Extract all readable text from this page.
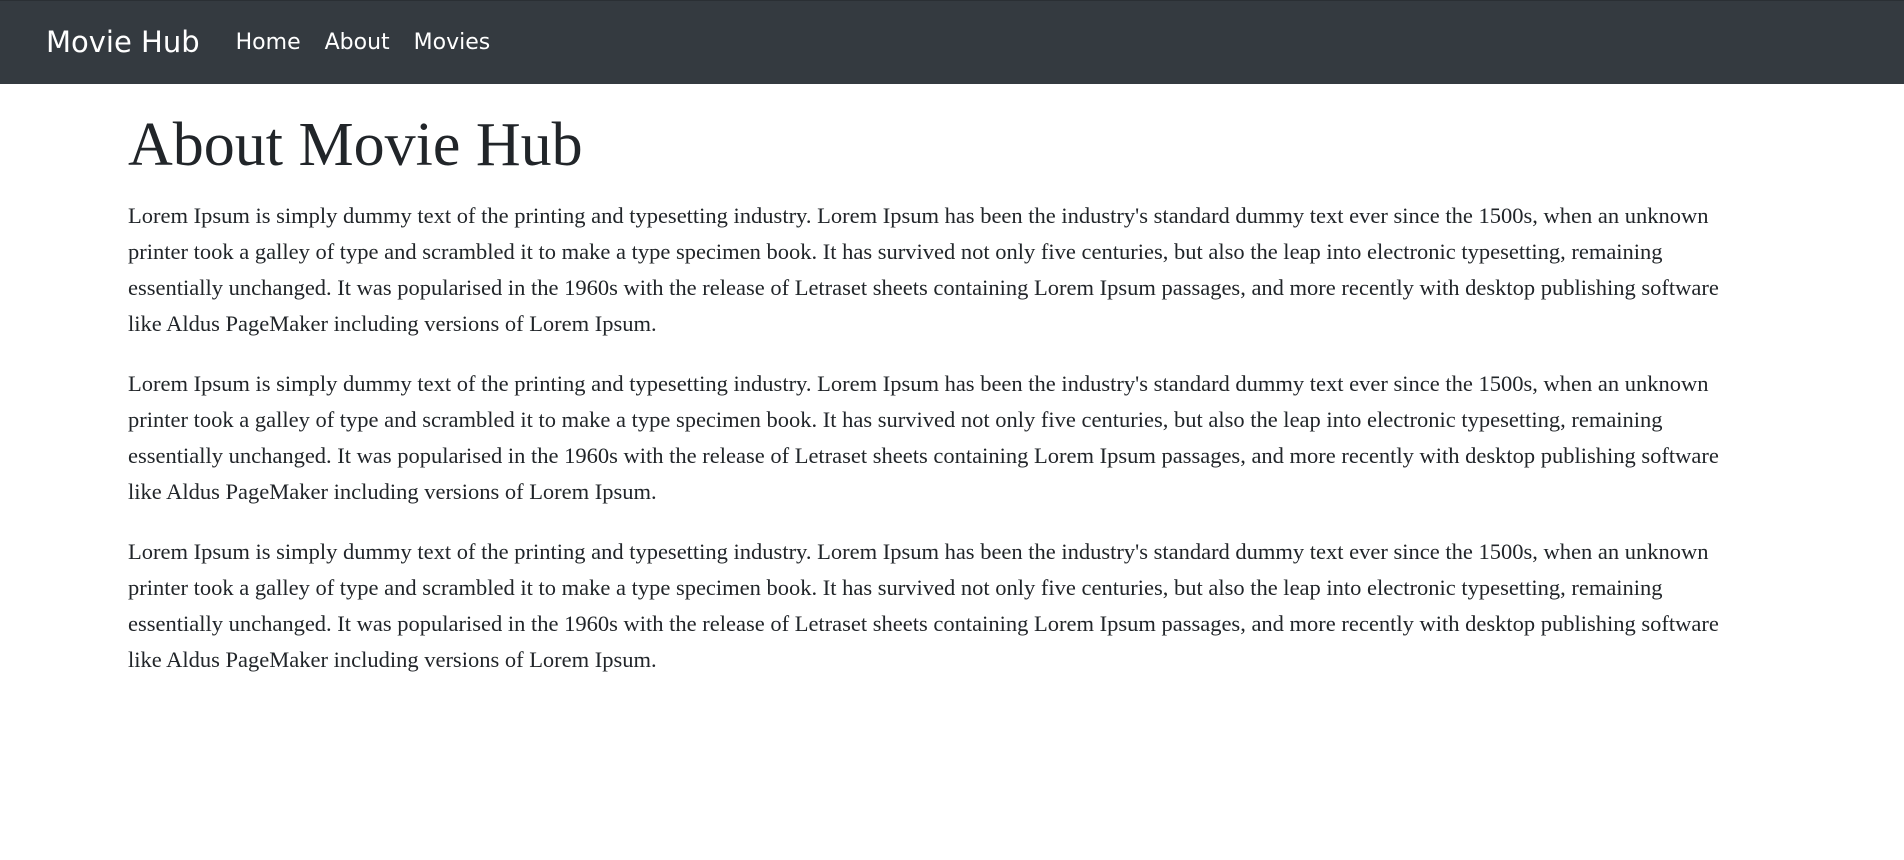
Movie Hub Home About Movies
About Movie Hub

Lorem Ipsum is simply dummy text of the printing and typesetting industry. Lorem Ipsum has been the industry's standard dummy text ever since the 1500s, when an unknown printer took a galley of type and scrambled it to make a type specimen book. It has survived not only five centuries, but also the leap into electronic typesetting, remaining essentially unchanged. It was popularised in the 1960s with the release of Letraset sheets containing Lorem Ipsum passages, and more recently with desktop publishing software like Aldus PageMaker including versions of Lorem Ipsum.

Lorem Ipsum is simply dummy text of the printing and typesetting industry. Lorem Ipsum has been the industry's standard dummy text ever since the 1500s, when an unknown printer took a galley of type and scrambled it to make a type specimen book. It has survived not only five centuries, but also the leap into electronic typesetting, remaining essentially unchanged. It was popularised in the 1960s with the release of Letraset sheets containing Lorem Ipsum passages, and more recently with desktop publishing software like Aldus PageMaker including versions of Lorem Ipsum.

Lorem Ipsum is simply dummy text of the printing and typesetting industry. Lorem Ipsum has been the industry's standard dummy text ever since the 1500s, when an unknown printer took a galley of type and scrambled it to make a type specimen book. It has survived not only five centuries, but also the leap into electronic typesetting, remaining essentially unchanged. It was popularised in the 1960s with the release of Letraset sheets containing Lorem Ipsum passages, and more recently with desktop publishing software like Aldus PageMaker including versions of Lorem Ipsum.
